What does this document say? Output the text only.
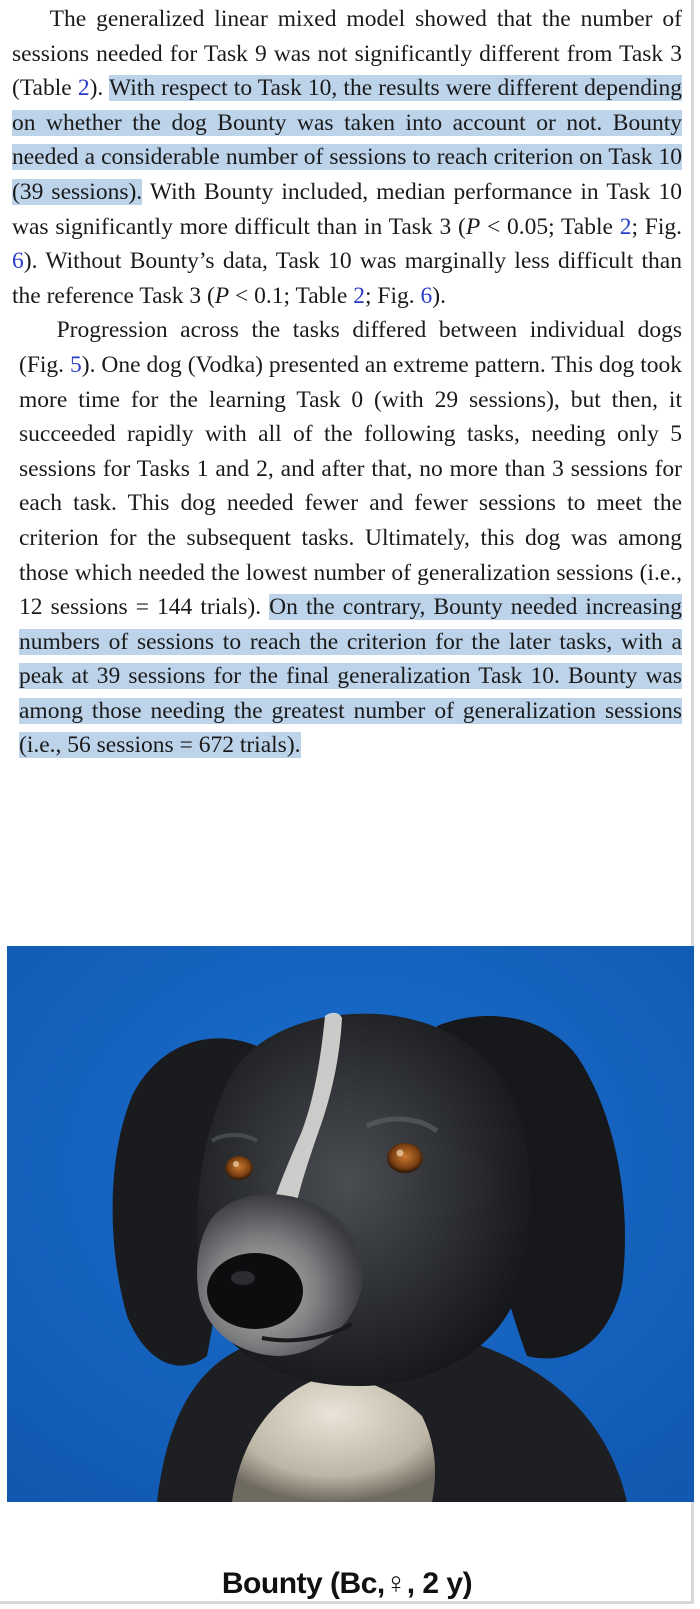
The generalized linear mixed model showed that the number of sessions needed for Task 9 was not significantly different from Task 3 (Table 2). With respect to Task 10, the results were different depending on whether the dog Bounty was taken into account or not. Bounty needed a considerable number of sessions to reach criterion on Task 10 (39 sessions). With Bounty included, median performance in Task 10 was significantly more difficult than in Task 3 (P < 0.05; Table 2; Fig. 6). Without Bounty’s data, Task 10 was marginally less difficult than the reference Task 3 (P < 0.1; Table 2; Fig. 6).

Progression across the tasks differed between individual dogs (Fig. 5). One dog (Vodka) presented an extreme pattern. This dog took more time for the learning Task 0 (with 29 sessions), but then, it succeeded rapidly with all of the following tasks, needing only 5 sessions for Tasks 1 and 2, and after that, no more than 3 sessions for each task. This dog needed fewer and fewer sessions to meet the criterion for the subsequent tasks. Ultimately, this dog was among those which needed the lowest number of generalization sessions (i.e., 12 sessions = 144 trials). On the contrary, Bounty needed increasing numbers of sessions to reach the criterion for the later tasks, with a peak at 39 sessions for the final generalization Task 10. Bounty was among those needing the greatest number of generalization sessions (i.e., 56 sessions = 672 trials).

Bounty (Bc,♀, 2 y)
